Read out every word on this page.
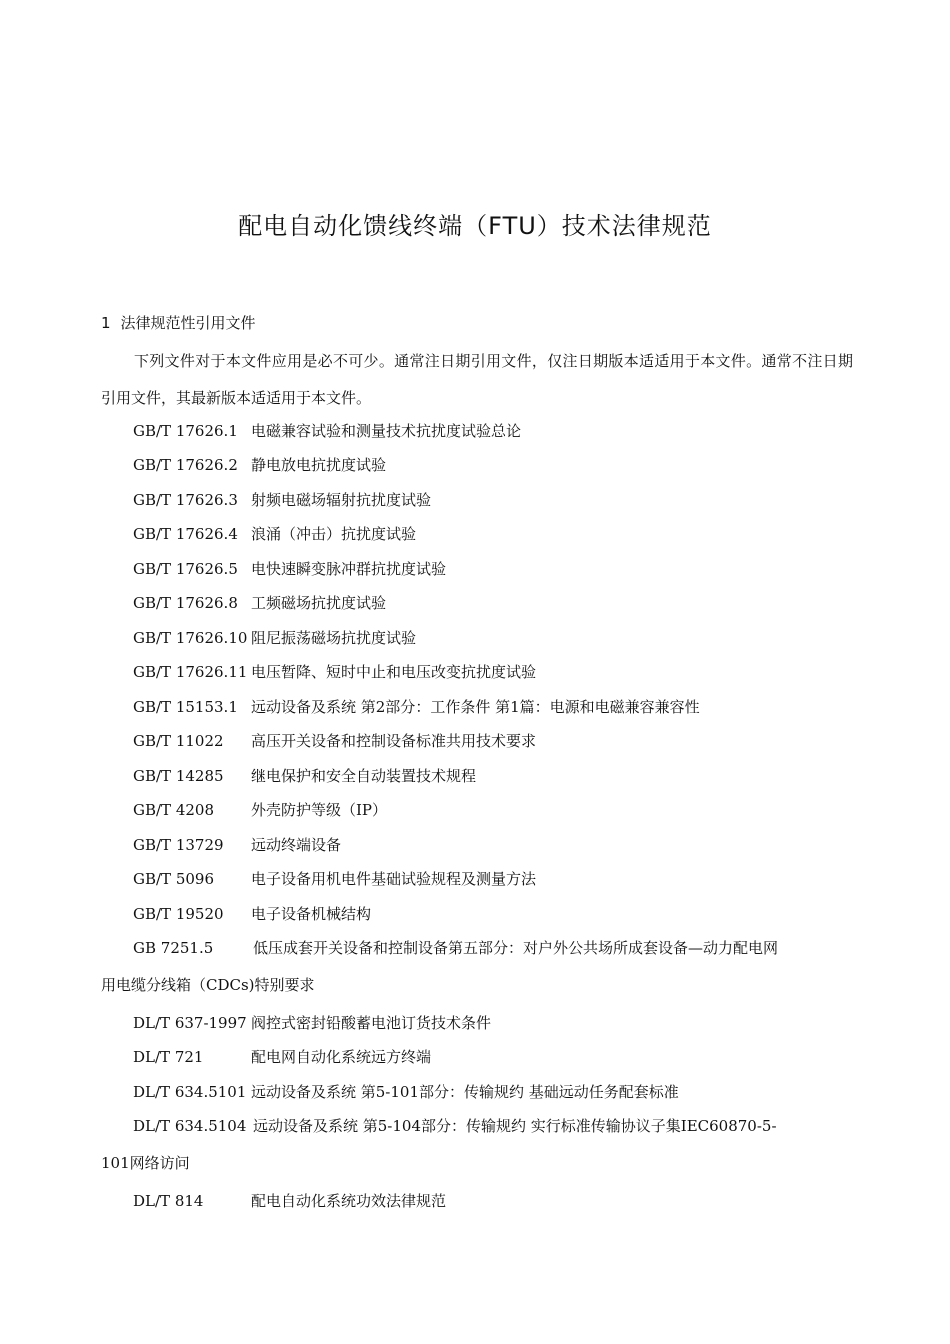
配电自动化馈线终端（FTU）技术法律规范
1 法律规范性引用文件
下列文件对于本文件应用是必不可少。通常注日期引用文件，仅注日期版本适适用于本文件。通常不注日期引用文件，其最新版本适适用于本文件。
GB/T 17626.1 电磁兼容试验和测量技术抗扰度试验总论
GB/T 17626.2 静电放电抗扰度试验
GB/T 17626.3 射频电磁场辐射抗扰度试验
GB/T 17626.4 浪涌（冲击）抗扰度试验
GB/T 17626.5 电快速瞬变脉冲群抗扰度试验
GB/T 17626.8 工频磁场抗扰度试验
GB/T 17626.10 阻尼振荡磁场抗扰度试验
GB/T 17626.11 电压暂降、短时中止和电压改变抗扰度试验
GB/T 15153.1 远动设备及系统 第2部分：工作条件 第1篇：电源和电磁兼容兼容性
GB/T 11022 高压开关设备和控制设备标准共用技术要求
GB/T 14285 继电保护和安全自动装置技术规程
GB/T 4208 外壳防护等级（IP）
GB/T 13729 远动终端设备
GB/T 5096 电子设备用机电件基础试验规程及测量方法
GB/T 19520 电子设备机械结构
GB 7251.5	低压成套开关设备和控制设备第五部分：对户外公共场所成套设备—动力配电网
用电缆分线箱（CDCs)特别要求
DL/T 637-1997 阀控式密封铅酸蓄电池订货技术条件
DL/T 721	配电网自动化系统远方终端
DL/T 634.5101 远动设备及系统 第5-101部分：传输规约 基础远动任务配套标准
DL/T 634.5104 远动设备及系统 第5-104部分：传输规约 实行标准传输协议子集IEC60870-5-
101网络访问
DL/T 814	配电自动化系统功效法律规范
